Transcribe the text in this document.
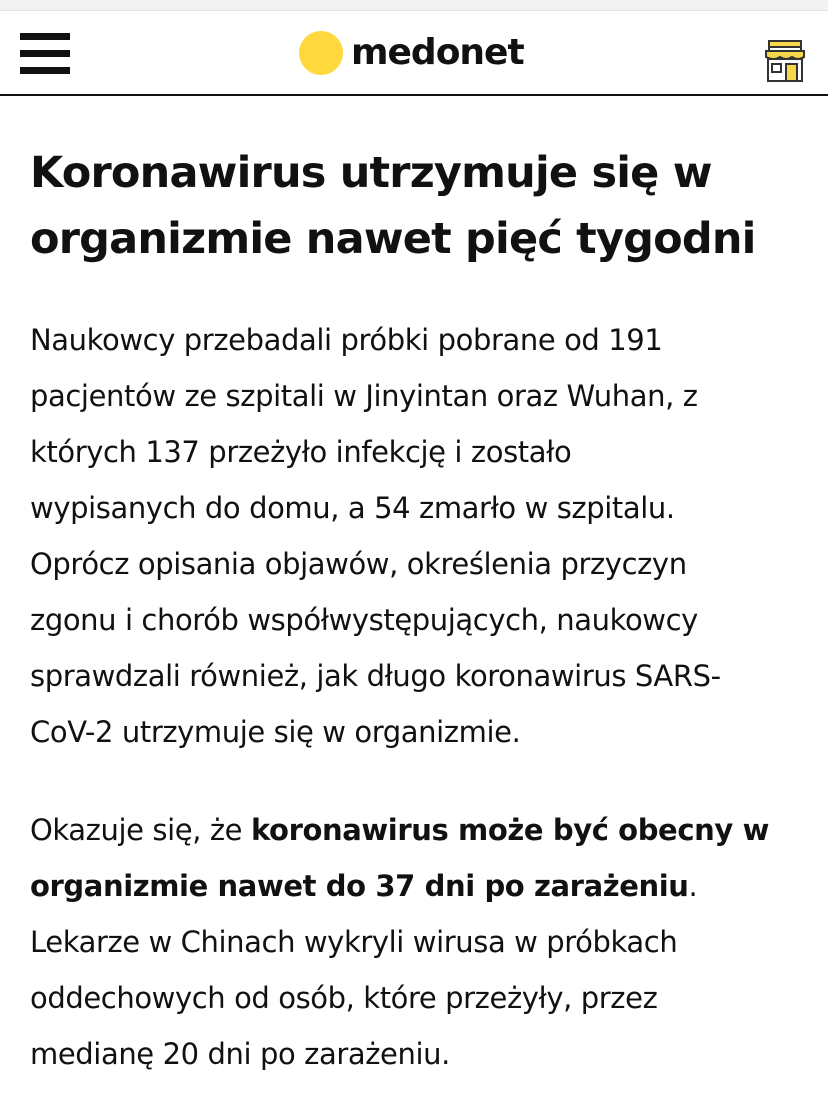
medonet
Koronawirus utrzymuje się w
organizmie nawet pięć tygodni

Naukowcy przebadali próbki pobrane od 191
pacjentów ze szpitali w Jinyintan oraz Wuhan, z
których 137 przeżyło infekcję i zostało
wypisanych do domu, a 54 zmarło w szpitalu.
Oprócz opisania objawów, określenia przyczyn
zgonu i chorób współwystępujących, naukowcy
sprawdzali również, jak długo koronawirus SARS-
CoV-2 utrzymuje się w organizmie.

Okazuje się, że koronawirus może być obecny w
organizmie nawet do 37 dni po zarażeniu.
Lekarze w Chinach wykryli wirusa w próbkach
oddechowych od osób, które przeżyły, przez
medianę 20 dni po zarażeniu.
